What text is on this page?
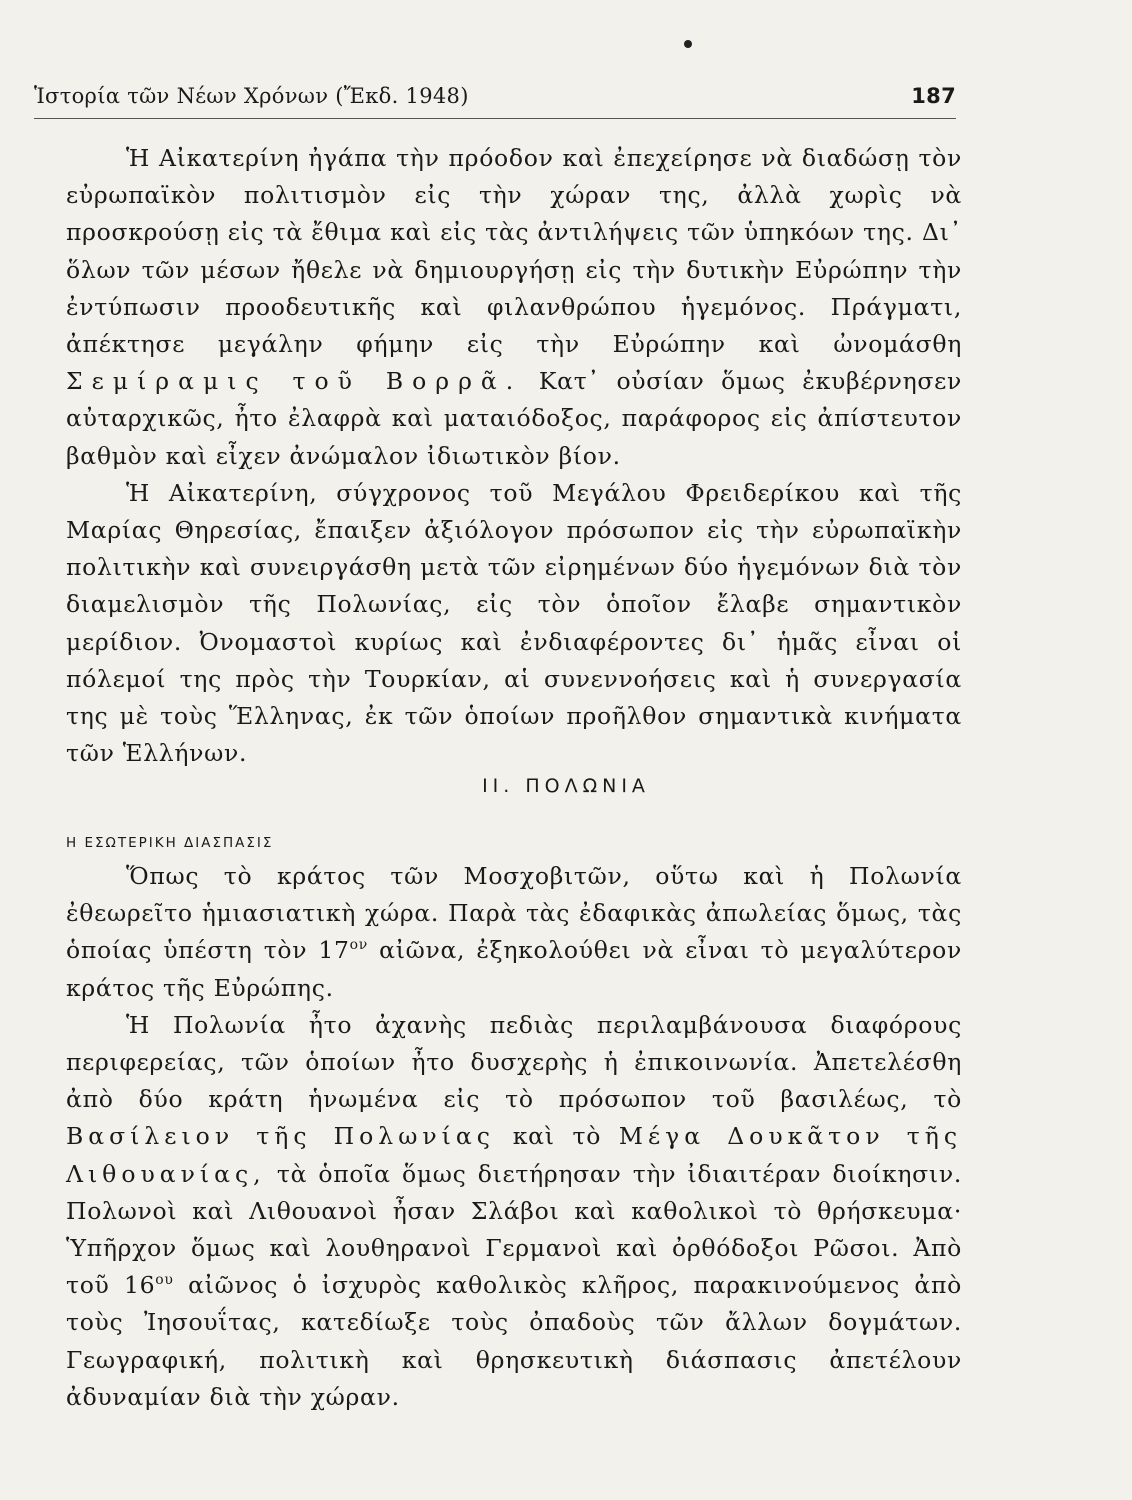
Ἱστορία τῶν Νέων Χρόνων (Ἔκδ. 1948)	187

Ἡ Αἰκατερίνη ἠγάπα τὴν πρόοδον καὶ ἐπεχείρησε νὰ διαδώσῃ τὸν εὐρωπαϊκὸν πολιτισμὸν εἰς τὴν χώραν της, ἀλλὰ χωρὶς νὰ προσκρούσῃ εἰς τὰ ἔθιμα καὶ εἰς τὰς ἀντιλήψεις τῶν ὑπηκόων της. Δι᾽ ὅλων τῶν μέσων ἤθελε νὰ δημιουργήσῃ εἰς τὴν δυτικὴν Εὐρώπην τὴν ἐντύπωσιν προοδευτικῆς καὶ φιλανθρώπου ἡγεμόνος. Πράγματι, ἀπέκτησε μεγάλην φήμην εἰς τὴν Εὐρώπην καὶ ὠνομάσθη Σεμίραμις τοῦ Βορρᾶ. Κατ᾽ οὐσίαν ὅμως ἐκυβέρνησεν αὐταρχικῶς, ἦτο ἐλαφρὰ καὶ ματαιόδοξος, παράφορος εἰς ἀπίστευτον βαθμὸν καὶ εἶχεν ἀνώμαλον ἰδιωτικὸν βίον.

Ἡ Αἰκατερίνη, σύγχρονος τοῦ Μεγάλου Φρειδερίκου καὶ τῆς Μαρίας Θηρεσίας, ἔπαιξεν ἀξιόλογον πρόσωπον εἰς τὴν εὐρωπαϊκὴν πολιτικὴν καὶ συνειργάσθη μετὰ τῶν εἰρημένων δύο ἡγεμόνων διὰ τὸν διαμελισμὸν τῆς Πολωνίας, εἰς τὸν ὁποῖον ἔλαβε σημαντικὸν μερίδιον. Ὀνομαστοὶ κυρίως καὶ ἐνδιαφέροντες δι᾽ ἡμᾶς εἶναι οἱ πόλεμοί της πρὸς τὴν Τουρκίαν, αἱ συνεννοήσεις καὶ ἡ συνεργασία της μὲ τοὺς Ἕλληνας, ἐκ τῶν ὁποίων προῆλθον σημαντικὰ κινήματα τῶν Ἑλλήνων.

II. ΠΟΛΩΝΙΑ
Η ΕΣΩΤΕΡΙΚΗ ΔΙΑΣΠΑΣΙΣ

Ὅπως τὸ κράτος τῶν Μοσχοβιτῶν, οὕτω καὶ ἡ Πολωνία ἐθεωρεῖτο ἡμιασιατικὴ χώρα. Παρὰ τὰς ἐδαφικὰς ἀπωλείας ὅμως, τὰς ὁποίας ὑπέστη τὸν $17^{o\nu}$ αἰῶνα, ἐξηκολούθει νὰ εἶναι τὸ μεγαλύτερον κράτος τῆς Εὐρώπης.

Ἡ Πολωνία ἦτο ἀχανὴς πεδιὰς περιλαμβάνουσα διαφόρους περιφερείας, τῶν ὁποίων ἦτο δυσχερὴς ἡ ἐπικοινωνία. Ἀπετελέσθη ἀπὸ δύο κράτη ἡνωμένα εἰς τὸ πρόσωπον τοῦ βασιλέως, τὸ Βασίλειον τῆς Πολωνίας καὶ τὸ Μέγα Δουκᾶτον τῆς Λιθουανίας, τὰ ὁποῖα ὅμως διετήρησαν τὴν ἰδιαιτέραν διοίκησιν. Πολωνοὶ καὶ Λιθουανοὶ ἦσαν Σλάβοι καὶ καθολικοὶ τὸ θρήσκευμα· Ὑπῆρχον ὅμως καὶ λουθηρανοὶ Γερμανοὶ καὶ ὀρθόδοξοι Ρῶσοι. Ἀπὸ τοῦ $16^{o\upsilon}$ αἰῶνος ὁ ἰσχυρὸς καθολικὸς κλῆρος, παρακινούμενος ἀπὸ τοὺς Ἰησουΐτας, κατεδίωξε τοὺς ὀπαδοὺς τῶν ἄλλων δογμάτων. Γεωγραφική, πολιτικὴ καὶ θρησκευτικὴ διάσπασις ἀπετέλουν ἀδυναμίαν διὰ τὴν χώραν.
